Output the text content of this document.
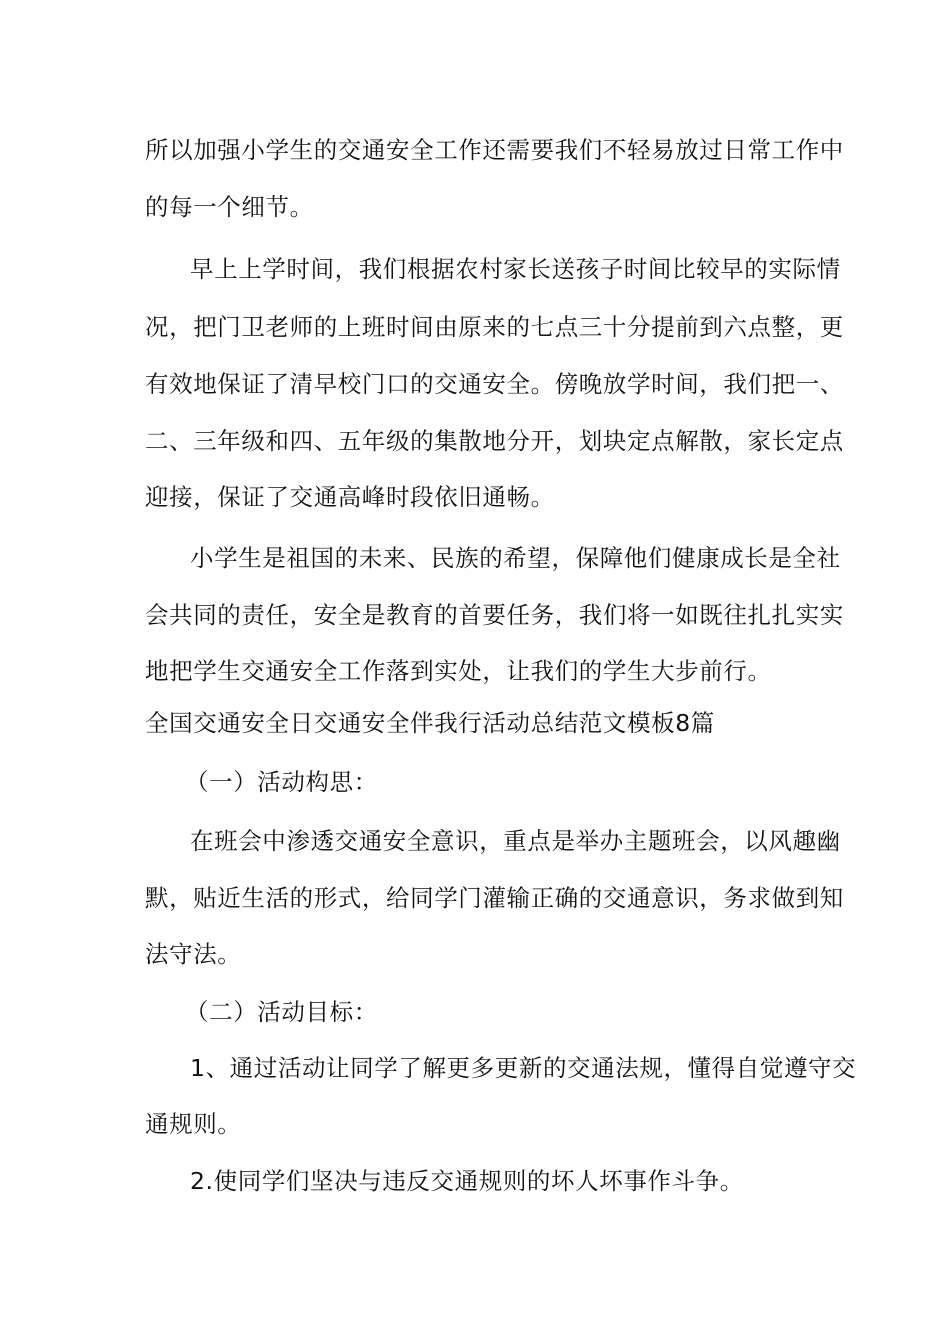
所以加强小学生的交通安全工作还需要我们不轻易放过日常工作中
的每一个细节。
早上上学时间，我们根据农村家长送孩子时间比较早的实际情
况，把门卫老师的上班时间由原来的七点三十分提前到六点整，更
有效地保证了清早校门口的交通安全。傍晚放学时间，我们把一、
二、三年级和四、五年级的集散地分开，划块定点解散，家长定点
迎接，保证了交通高峰时段依旧通畅。
小学生是祖国的未来、民族的希望，保障他们健康成长是全社
会共同的责任，安全是教育的首要任务，我们将一如既往扎扎实实
地把学生交通安全工作落到实处，让我们的学生大步前行。
全国交通安全日交通安全伴我行活动总结范文模板8篇
（一）活动构思：
在班会中渗透交通安全意识，重点是举办主题班会，以风趣幽
默，贴近生活的形式，给同学门灌输正确的交通意识，务求做到知
法守法。
（二）活动目标：
1、通过活动让同学了解更多更新的交通法规，懂得自觉遵守交
通规则。
2.使同学们坚决与违反交通规则的坏人坏事作斗争。
